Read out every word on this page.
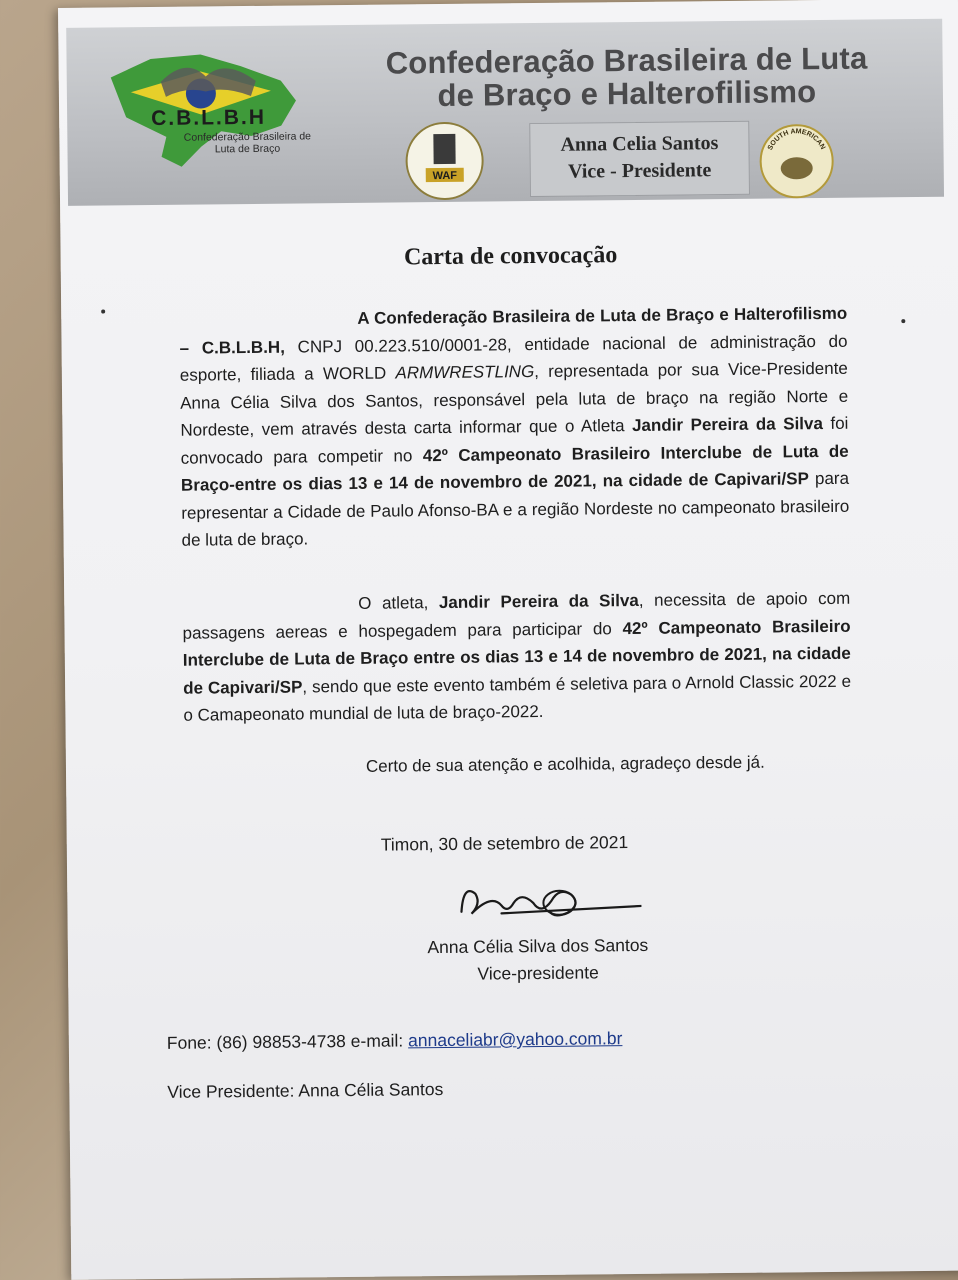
C.B.L.B.H
Confederação Brasileira de
Luta de Braço
Confederação Brasileira de Luta
de Braço e Halterofilismo
WAF
Anna Celia Santos
Vice - Presidente
SOUTH AMERICAN
Carta de convocação
A Confederação Brasileira de Luta de Braço e Halterofilismo – C.B.L.B.H, CNPJ 00.223.510/0001-28, entidade nacional de administração do esporte, filiada a WORLD ARMWRESTLING, representada por sua Vice-Presidente Anna Célia Silva dos Santos, responsável pela luta de braço na região Norte e Nordeste, vem através desta carta informar que o Atleta Jandir Pereira da Silva foi convocado para competir no 42º Campeonato Brasileiro Interclube de Luta de Braço-entre os dias 13 e 14 de novembro de 2021, na cidade de Capivari/SP para representar a Cidade de Paulo Afonso-BA e a região Nordeste no campeonato brasileiro de luta de braço.
O atleta, Jandir Pereira da Silva, necessita de apoio com passagens aereas e hospegadem para participar do 42º Campeonato Brasileiro Interclube de Luta de Braço entre os dias 13 e 14 de novembro de 2021, na cidade de Capivari/SP, sendo que este evento também é seletiva para o Arnold Classic 2022 e o Camapeonato mundial de luta de braço-2022.
Certo de sua atenção e acolhida, agradeço desde já.
Timon, 30 de setembro de 2021
Anna Célia Silva dos Santos
Vice-presidente
Fone: (86) 98853-4738 e-mail: annaceliabr@yahoo.com.br
Vice Presidente: Anna Célia Santos
